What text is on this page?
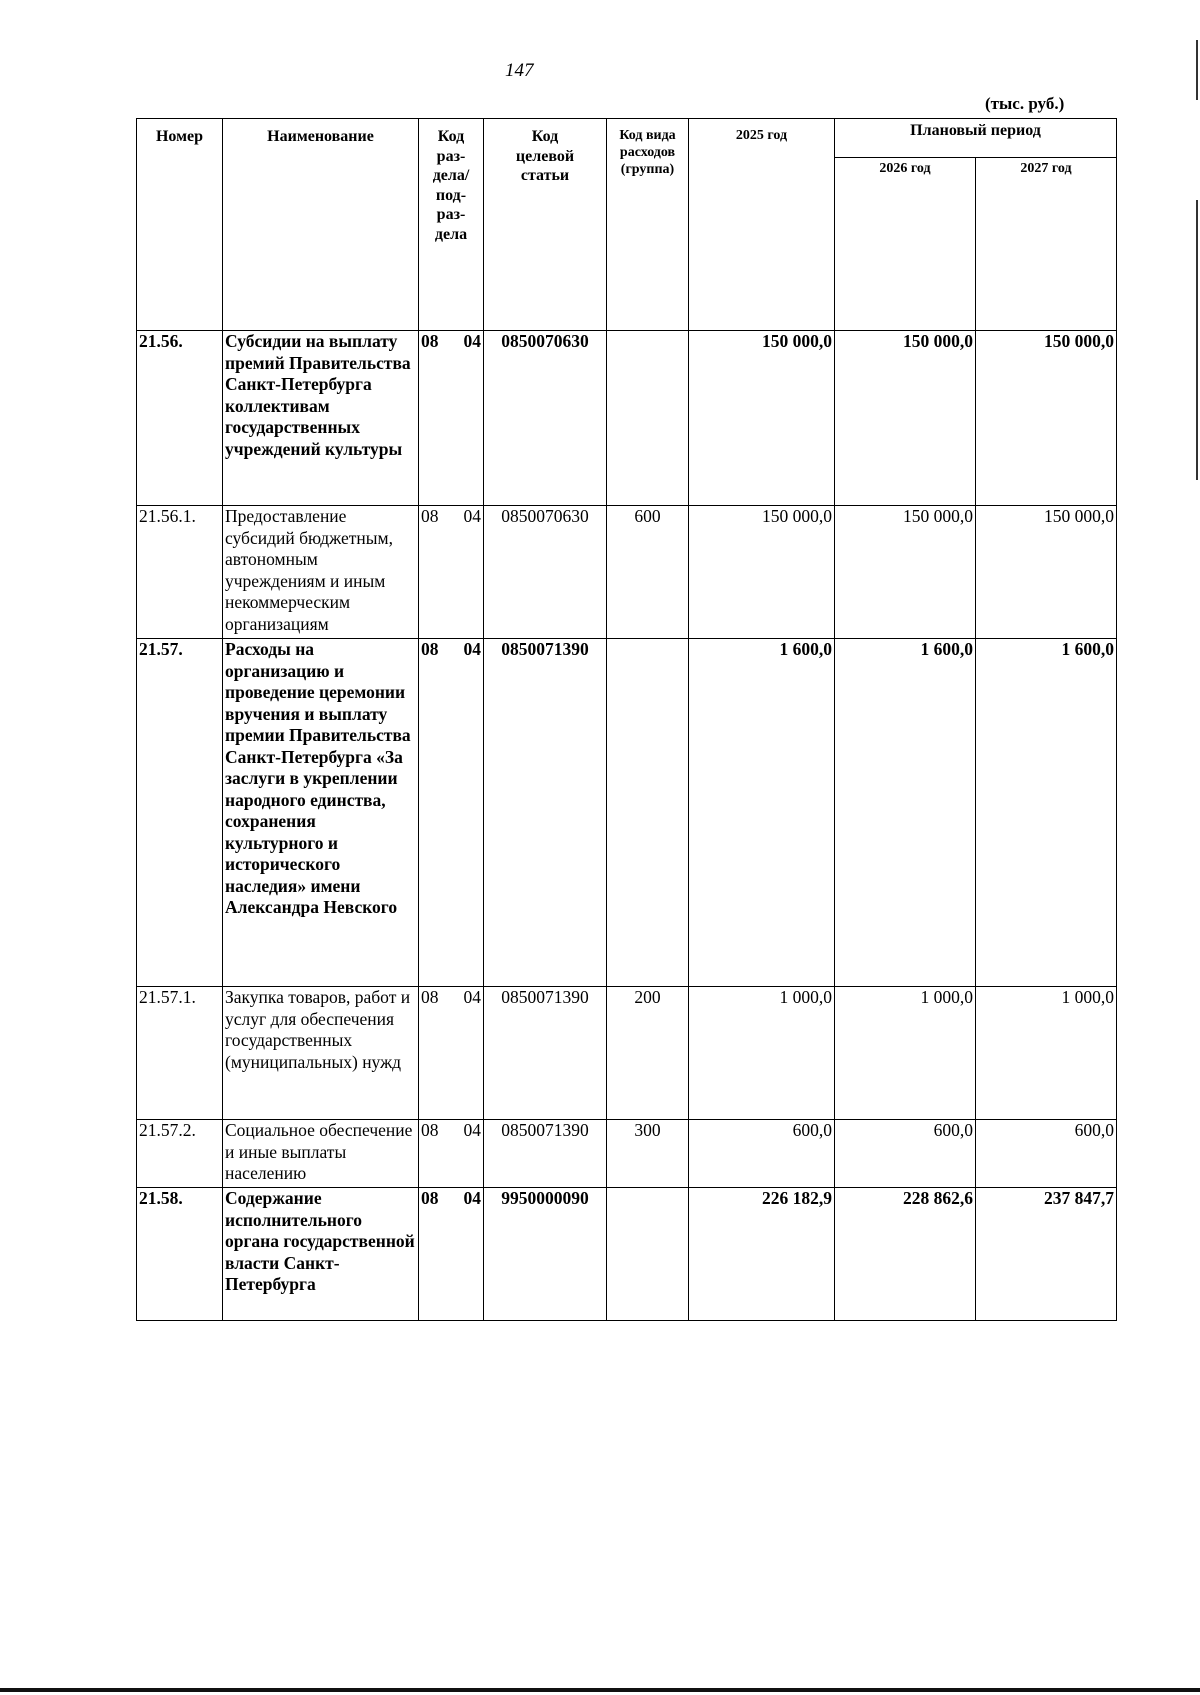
147
(тыс. руб.)
Номер	Наименование	Код раз-дела/ под-раз-дела	Код целевой статьи	Код вида расходов (группа)	2025 год	Плановый период	
						2026 год	2027 год
21.56.	Субсидии на выплату премий Правительства Санкт-Петербурга коллективам государственных учреждений культуры	08 04	0850070630		150 000,0	150 000,0	150 000,0
21.56.1.	Предоставление субсидий бюджетным, автономным учреждениям и иным некоммерческим организациям	08 04	0850070630	600	150 000,0	150 000,0	150 000,0
21.57.	Расходы на организацию и проведение церемонии вручения и выплату премии Правительства Санкт-Петербурга «За заслуги в укреплении народного единства, сохранения культурного и исторического наследия» имени Александра Невского	08 04	0850071390		1 600,0	1 600,0	1 600,0
21.57.1.	Закупка товаров, работ и услуг для обеспечения государственных (муниципальных) нужд	08 04	0850071390	200	1 000,0	1 000,0	1 000,0
21.57.2.	Социальное обеспечение и иные выплаты населению	08 04	0850071390	300	600,0	600,0	600,0
21.58.	Содержание исполнительного органа государственной власти Санкт-Петербурга	08 04	9950000090		226 182,9	228 862,6	237 847,7
